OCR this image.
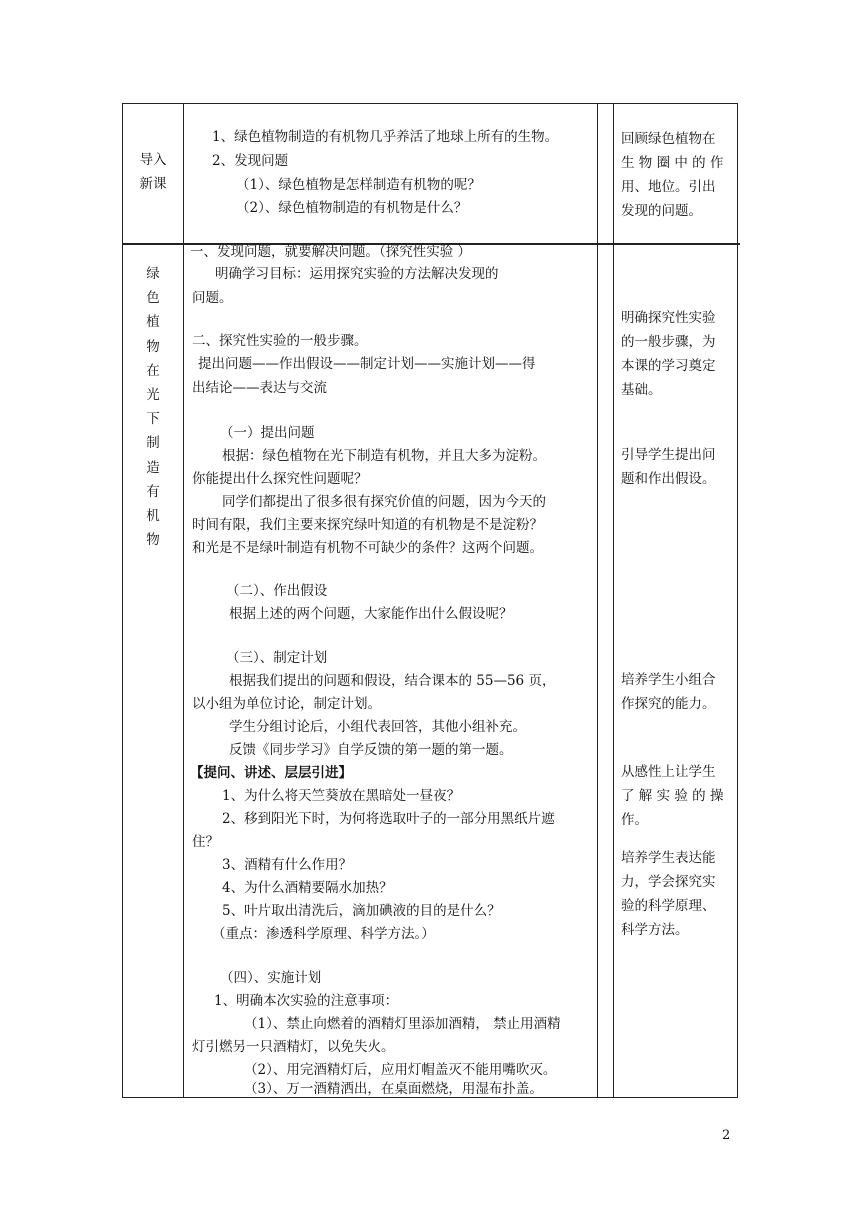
导入
新课
1、绿色植物制造的有机物几乎养活了地球上所有的生物。
2、发现问题
（1）、绿色植物是怎样制造有机物的呢？
（2）、绿色植物制造的有机物是什么？
回顾绿色植物在
生 物 圈 中 的 作
用、地位。引出
发现的问题。
绿
色
植
物
在
光
下
制
造
有
机
物
一、发现问题，就要解决问题。（探究性实验 ）
明确学习目标：运用探究实验的方法解决发现的
问题。
二、探究性实验的一般步骤。
提出问题——作出假设——制定计划——实施计划——得
出结论——表达与交流
（一）提出问题
根据：绿色植物在光下制造有机物，并且大多为淀粉。
你能提出什么探究性问题呢？
同学们都提出了很多很有探究价值的问题，因为今天的
时间有限，我们主要来探究绿叶知道的有机物是不是淀粉？
和光是不是绿叶制造有机物不可缺少的条件？这两个问题。
（二）、作出假设
根据上述的两个问题，大家能作出什么假设呢？
（三）、制定计划
根据我们提出的问题和假设，结合课本的 55—56 页，
以小组为单位讨论，制定计划。
学生分组讨论后，小组代表回答，其他小组补充。
反馈《同步学习》自学反馈的第一题的第一题。
【提问、讲述、层层引进】
1、为什么将天竺葵放在黑暗处一昼夜？
2、移到阳光下时，为何将选取叶子的一部分用黑纸片遮
住？
3、酒精有什么作用？
4、为什么酒精要隔水加热？
5、叶片取出清洗后，滴加碘液的目的是什么？
（重点：渗透科学原理、科学方法。）
（四）、实施计划
1、明确本次实验的注意事项：
（1）、禁止向燃着的酒精灯里添加酒精， 禁止用酒精
灯引燃另一只酒精灯，以免失火。
（2）、用完酒精灯后，应用灯帽盖灭不能用嘴吹灭。
（3）、万一酒精洒出，在桌面燃烧，用湿布扑盖。
明确探究性实验
的一般步骤，为
本课的学习奠定
基础。
引导学生提出问
题和作出假设。
培养学生小组合
作探究的能力。
从感性上让学生
了 解 实 验 的 操
作。
培养学生表达能
力，学会探究实
验的科学原理、
科学方法。
2
